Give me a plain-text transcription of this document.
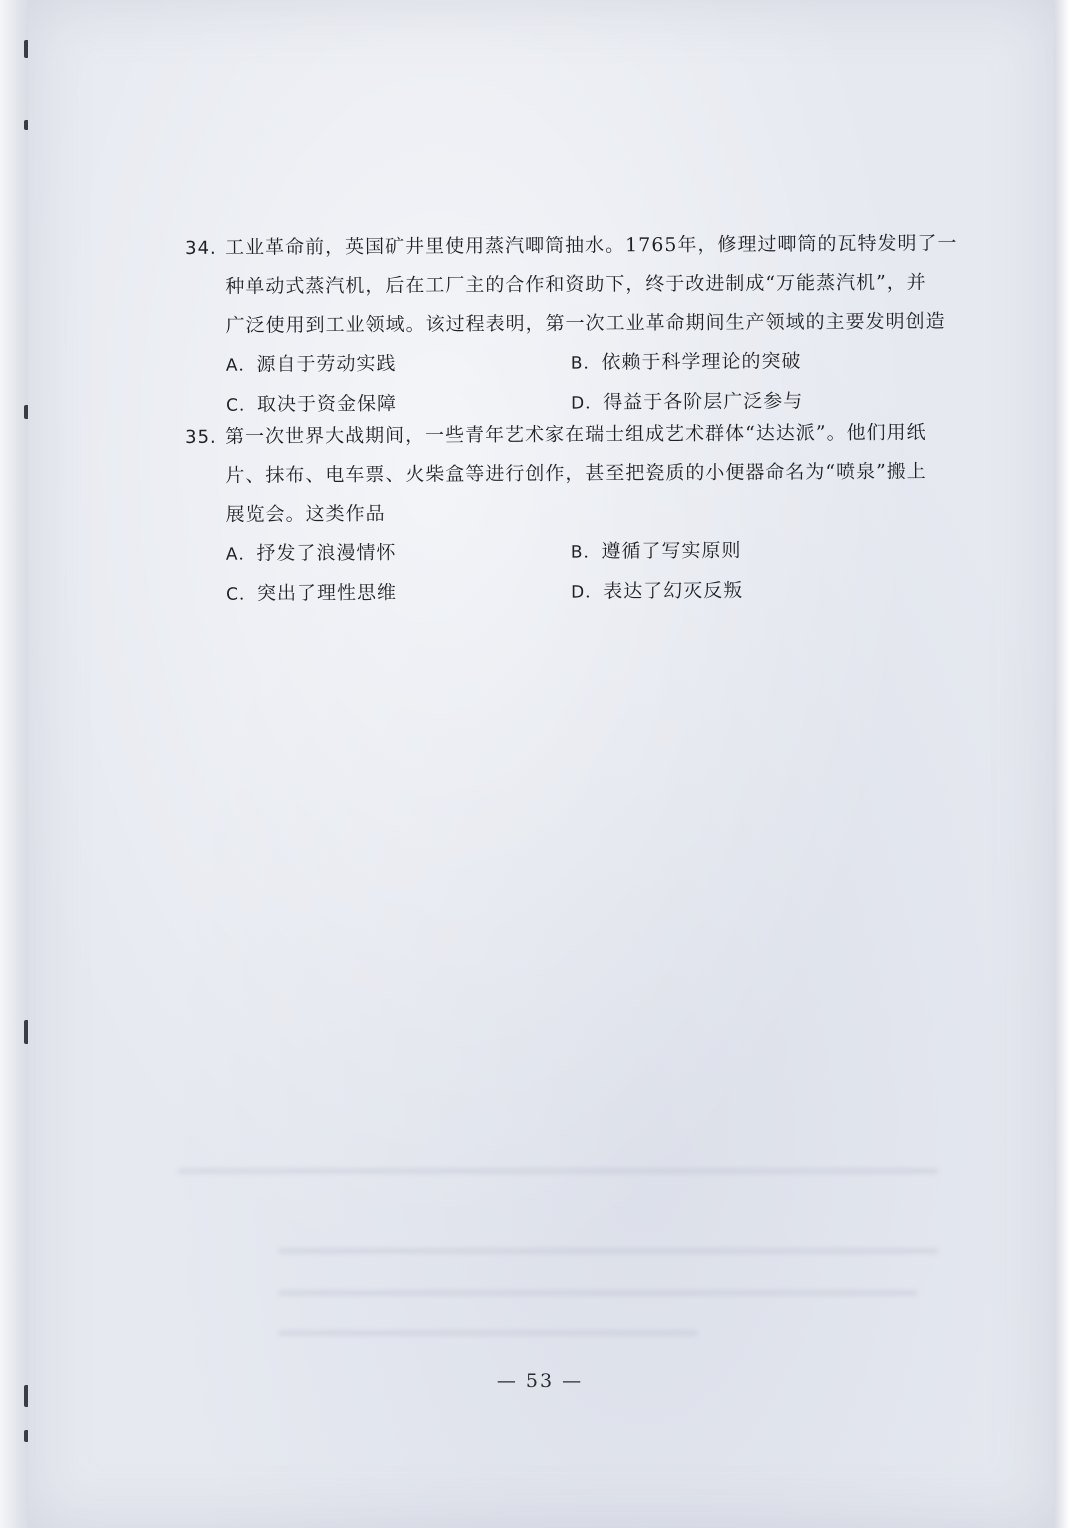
34. 工业革命前，英国矿井里使用蒸汽唧筒抽水。1765年，修理过唧筒的瓦特发明了一
种单动式蒸汽机，后在工厂主的合作和资助下，终于改进制成“万能蒸汽机”，并
广泛使用到工业领域。该过程表明，第一次工业革命期间生产领域的主要发明创造
A．源自于劳动实践	B．依赖于科学理论的突破
C．取决于资金保障	D．得益于各阶层广泛参与
35. 第一次世界大战期间，一些青年艺术家在瑞士组成艺术群体“达达派”。他们用纸
片、抹布、电车票、火柴盒等进行创作，甚至把瓷质的小便器命名为“喷泉”搬上
展览会。这类作品
A．抒发了浪漫情怀	B．遵循了写实原则
C．突出了理性思维	D．表达了幻灭反叛
— 53 —
